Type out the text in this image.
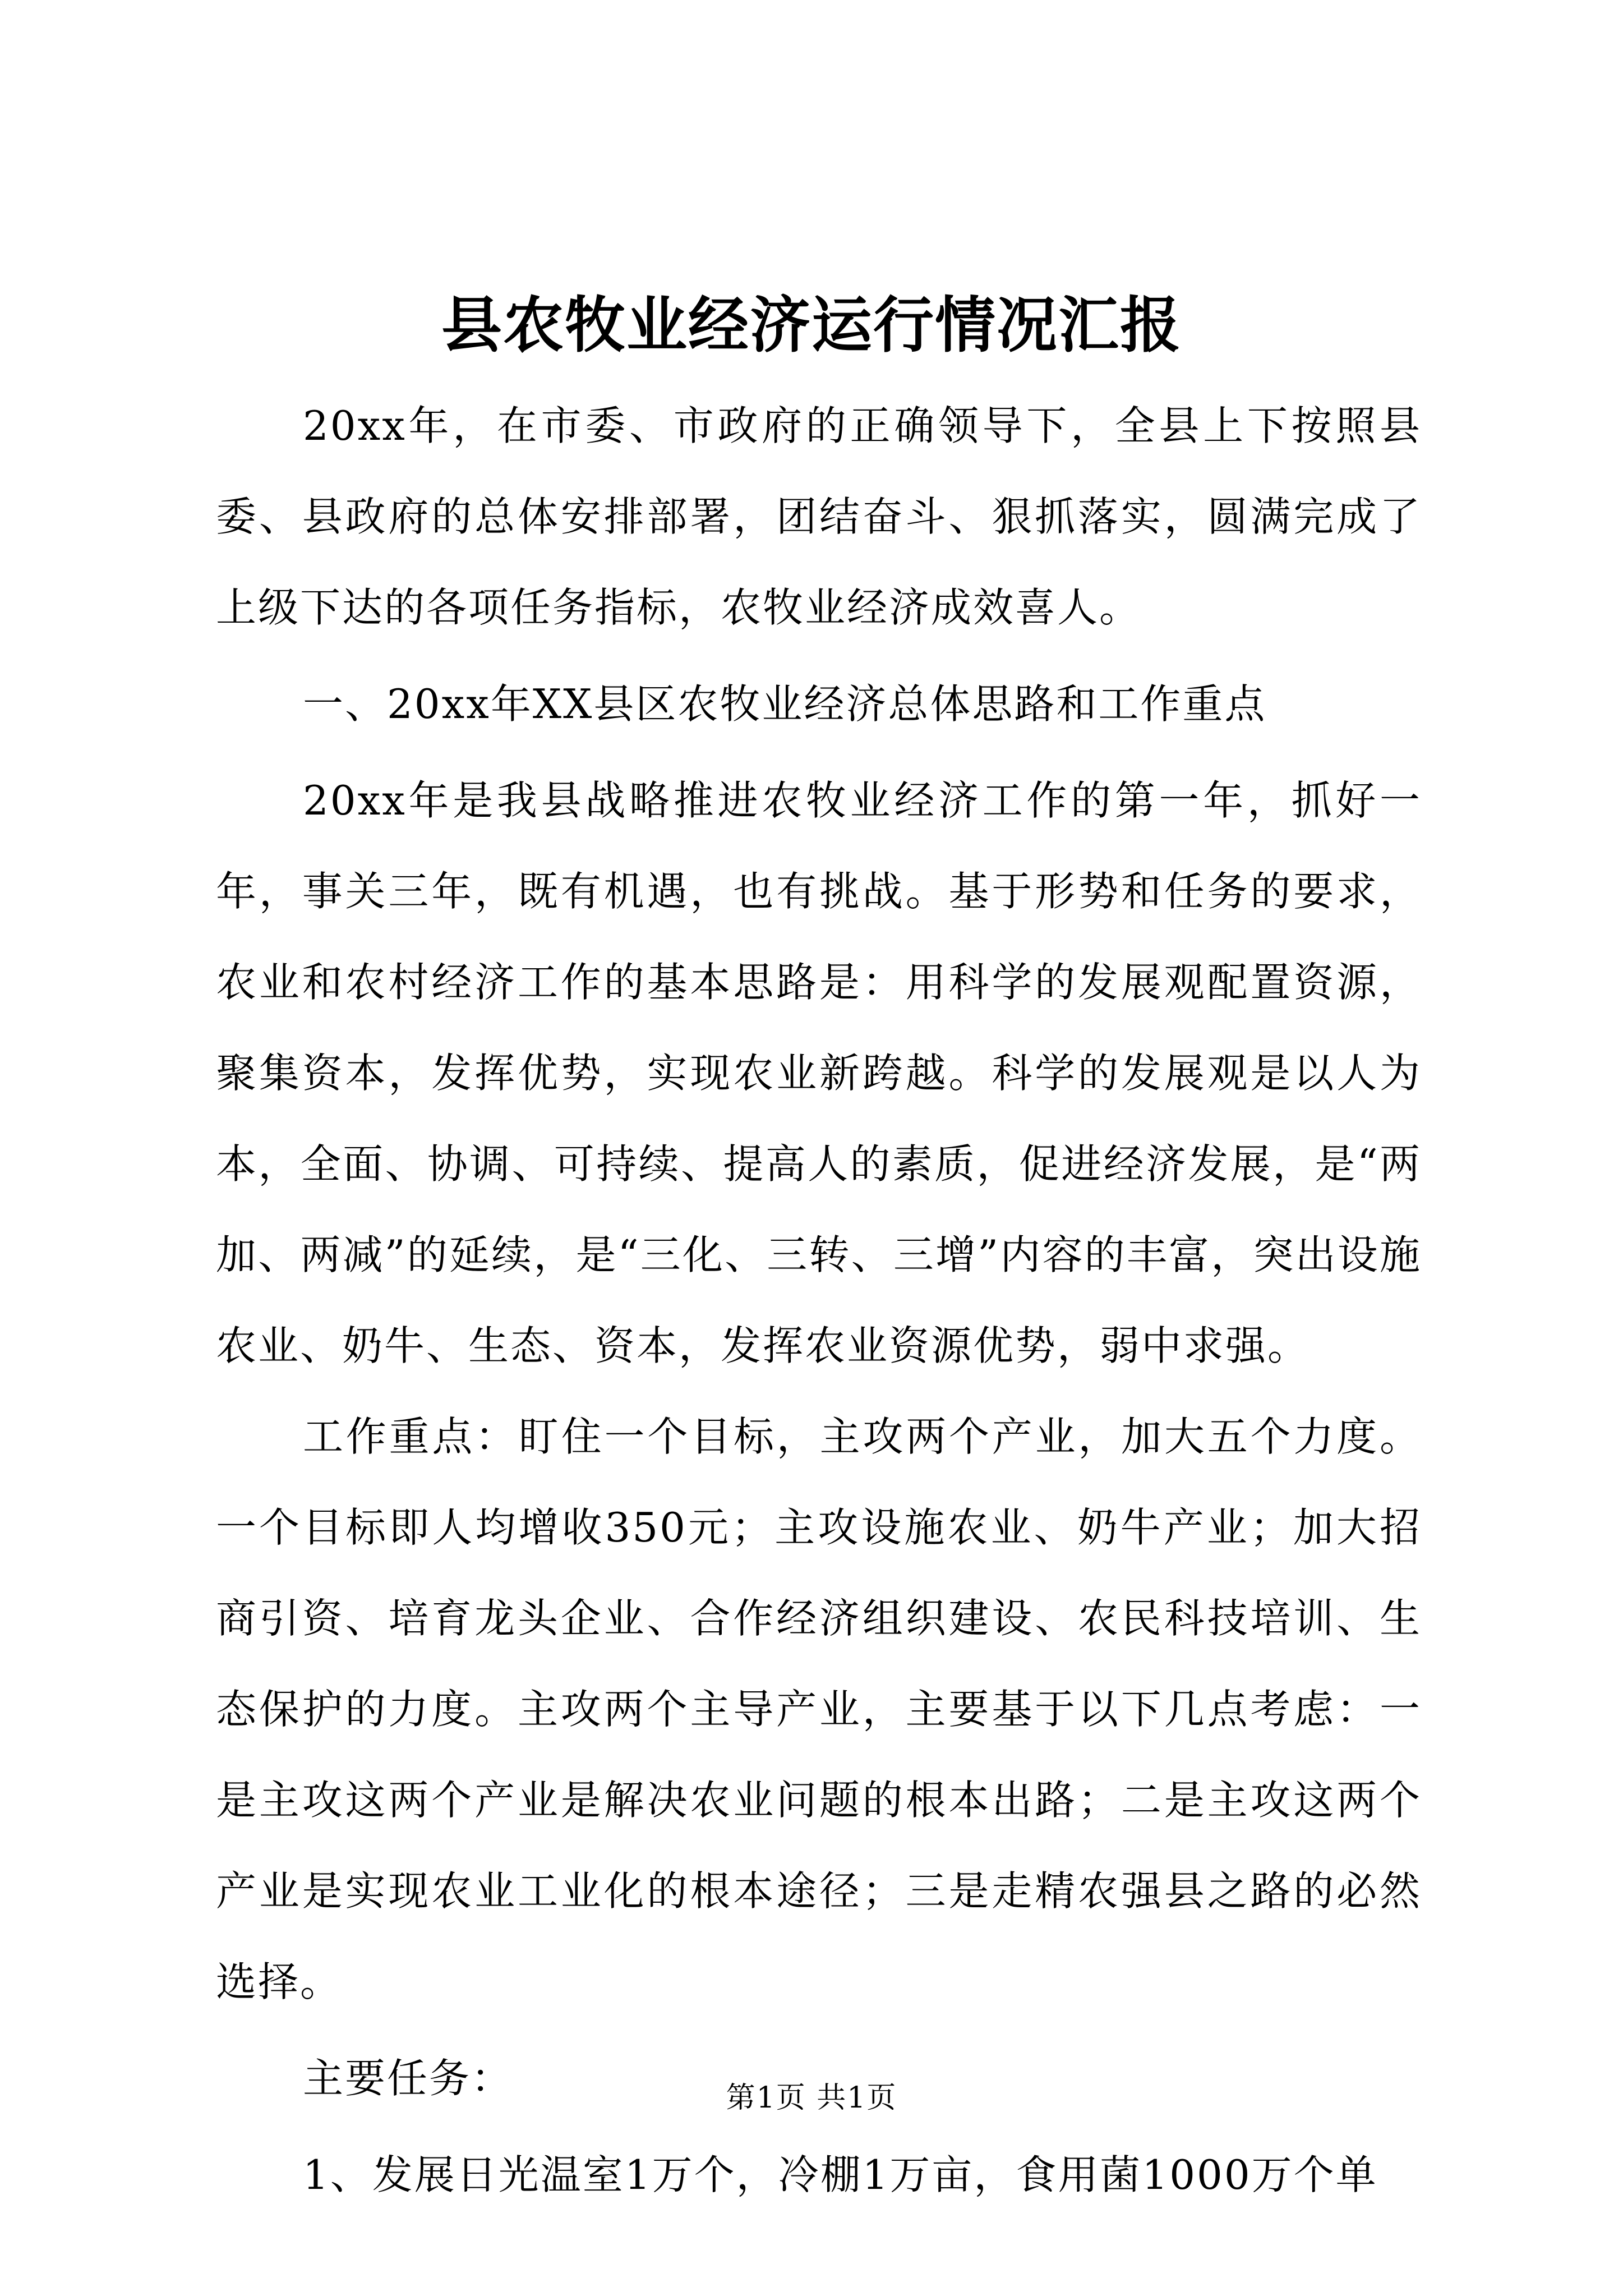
县农牧业经济运行情况汇报

20xx年，在市委、市政府的正确领导下，全县上下按照县委、县政府的总体安排部署，团结奋斗、狠抓落实，圆满完成了上级下达的各项任务指标，农牧业经济成效喜人。

一、20xx年XX县区农牧业经济总体思路和工作重点

20xx年是我县战略推进农牧业经济工作的第一年，抓好一年，事关三年，既有机遇，也有挑战。基于形势和任务的要求，农业和农村经济工作的基本思路是：用科学的发展观配置资源，聚集资本，发挥优势，实现农业新跨越。科学的发展观是以人为本，全面、协调、可持续、提高人的素质，促进经济发展，是“两加、两减”的延续，是“三化、三转、三增”内容的丰富，突出设施农业、奶牛、生态、资本，发挥农业资源优势，弱中求强。

工作重点：盯住一个目标，主攻两个产业，加大五个力度。一个目标即人均增收350元；主攻设施农业、奶牛产业；加大招商引资、培育龙头企业、合作经济组织建设、农民科技培训、生态保护的力度。主攻两个主导产业，主要基于以下几点考虑：一是主攻这两个产业是解决农业问题的根本出路；二是主攻这两个产业是实现农业工业化的根本途径；三是走精农强县之路的必然选择。

主要任务：

1、发展日光温室1万个，冷棚1万亩，食用菌1000万个单

第1页 共1页
